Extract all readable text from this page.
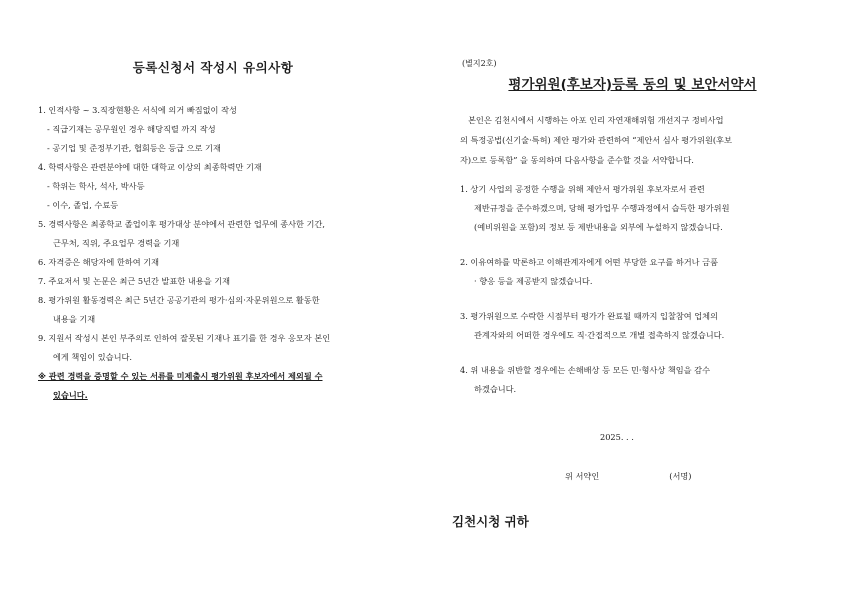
등록신청서 작성시 유의사항
1. 인적사항 ~ 3.직장현황은 서식에 의거 빠짐없이 작성
- 직급기재는 공무원인 경우 해당직렬 까지 작성
- 공기업 및 준정부기관, 협회등은 등급 으로 기재
4. 학력사항은 관련분야에 대한 대학교 이상의 최종학력만 기재
- 학위는 학사, 석사, 박사등
- 이수, 졸업, 수료등
5. 경력사항은 최종학교 졸업이후 평가대상 분야에서 관련한 업무에 종사한 기간,
근무처, 직위, 주요업무 경력을 기재
6. 자격증은 해당자에 한하여 기재
7. 주요저서 및 논문은 최근 5년간 발표한 내용을 기재
8. 평가위원 활동경력은 최근 5년간 공공기관의 평가·심의·자문위원으로 활동한
내용을 기재
9. 지원서 작성시 본인 부주의로 인하여 잘못된 기재나 표기를 한 경우 응모자 본인
에게 책임이 있습니다.
※ 관련 경력을 증명할 수 있는 서류를 미제출시 평가위원 후보자에서 제외될 수
있습니다.
(별지2호)
평가위원(후보자)등록 동의 및 보안서약서

본인은 김천시에서 시행하는 아포 인리 자연재해위험 개선지구 정비사업

의 특정공법(신기술·특허) 제안 평가와 관련하여 “제안서 심사 평가위원(후보

자)으로 등록함” 을 동의하며 다음사항을 준수할 것을 서약합니다.

1. 상기 사업의 공정한 수행을 위해 제안서 평가위원 후보자로서 관련
제반규정을 준수하겠으며, 당해 평가업무 수행과정에서 습득한 평가위원
(예비위원을 포함)의 정보 등 제반내용을 외부에 누설하지 않겠습니다.
2. 이유여하를 막론하고 이해관계자에게 어떤 부당한 요구를 하거나 금품
· 향응 등을 제공받지 않겠습니다.
3. 평가위원으로 수락한 시점부터 평가가 완료될 때까지 입찰참여 업체의
관계자와의 어떠한 경우에도 직·간접적으로 개별 접촉하지 않겠습니다.
4. 위 내용을 위반할 경우에는 손해배상 등 모든 민·형사상 책임을 감수
하겠습니다.
2025. . .
위 서약인	(서명)
김천시청 귀하
